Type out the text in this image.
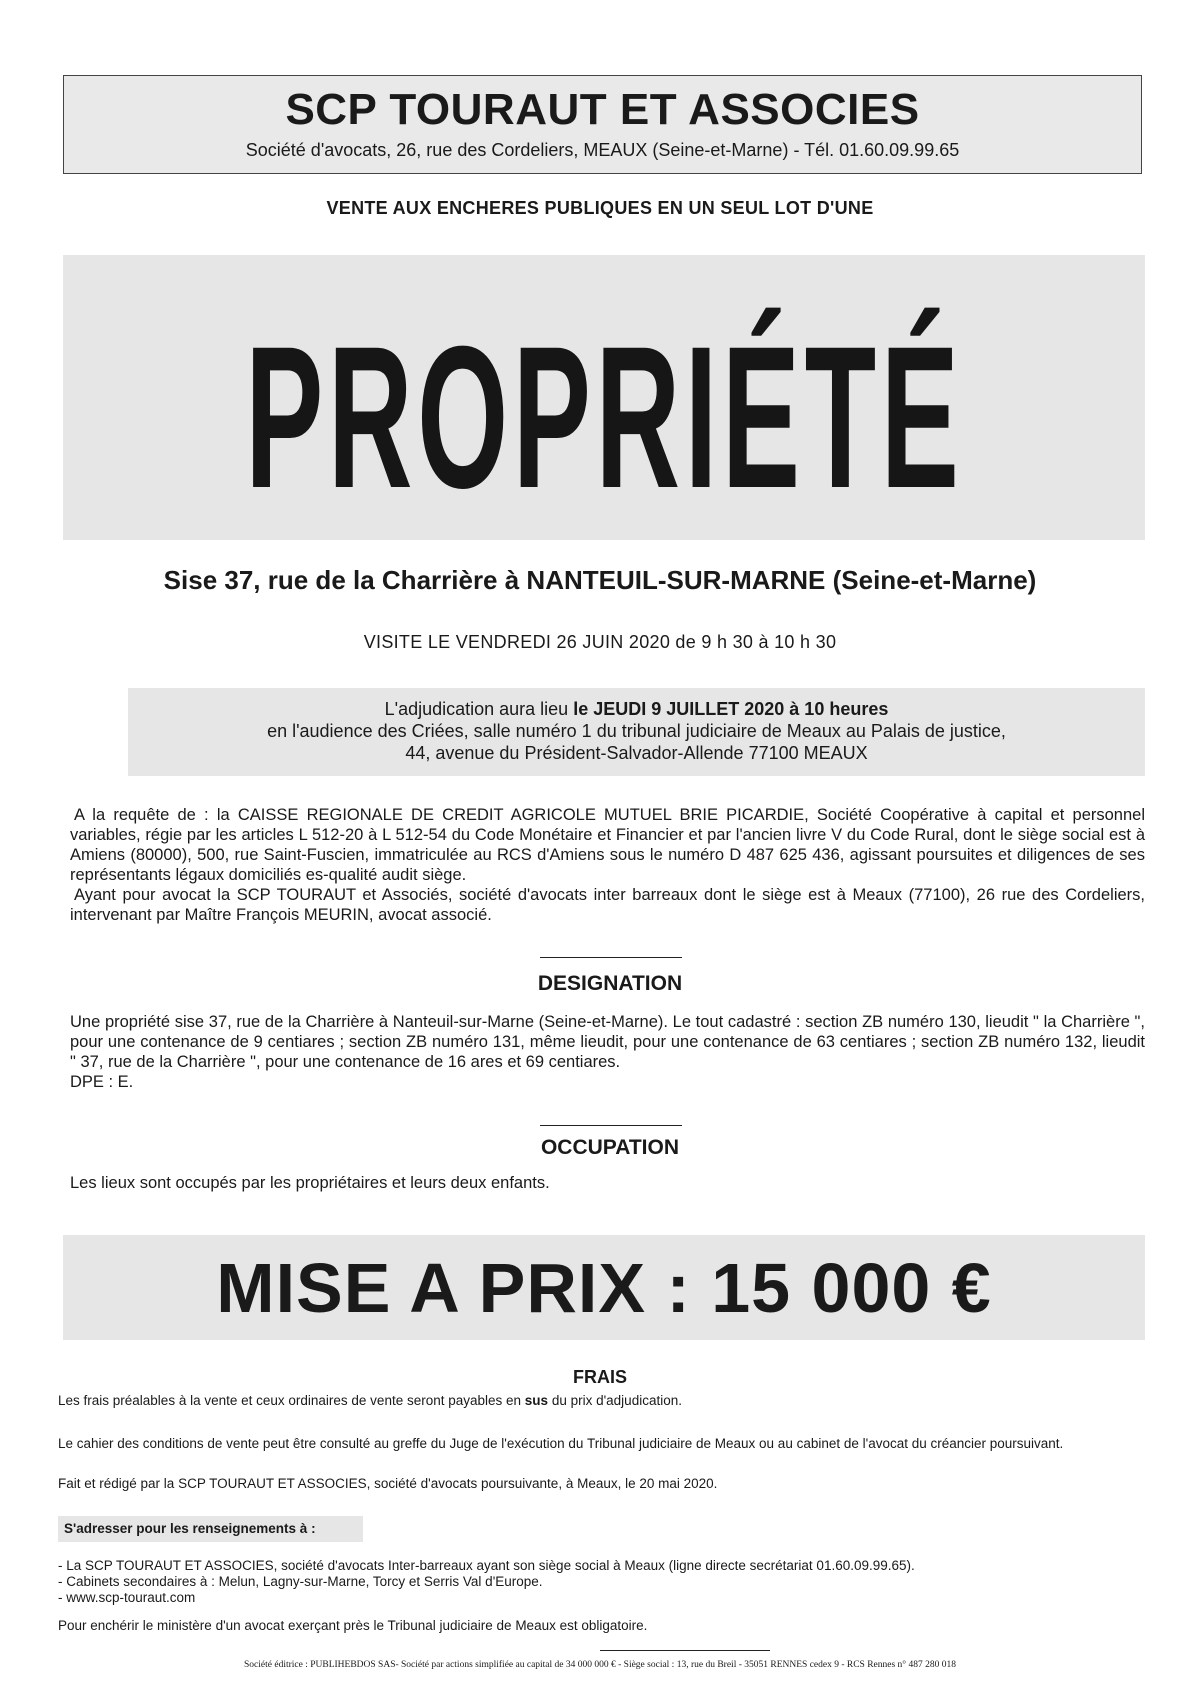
SCP TOURAUT ET ASSOCIES
Société d'avocats, 26, rue des Cordeliers, MEAUX (Seine-et-Marne) - Tél. 01.60.09.99.65
VENTE AUX ENCHERES PUBLIQUES EN UN SEUL LOT D'UNE
PROPRIÉTÉ
Sise 37, rue de la Charrière à NANTEUIL-SUR-MARNE (Seine-et-Marne)
VISITE LE VENDREDI 26 JUIN 2020 de 9 h 30 à 10 h 30
L'adjudication aura lieu le JEUDI 9 JUILLET 2020 à 10 heures
en l'audience des Criées, salle numéro 1 du tribunal judiciaire de Meaux au Palais de justice,
44, avenue du Président-Salvador-Allende 77100 MEAUX
A la requête de : la CAISSE REGIONALE DE CREDIT AGRICOLE MUTUEL BRIE PICARDIE, Société Coopérative à capital et personnel variables, régie par les articles L 512-20 à L 512-54 du Code Monétaire et Financier et par l'ancien livre V du Code Rural, dont le siège social est à Amiens (80000), 500, rue Saint-Fuscien, immatriculée au RCS d'Amiens sous le numéro D 487 625 436, agissant poursuites et diligences de ses représentants légaux domiciliés es-qualité audit siège.
Ayant pour avocat la SCP TOURAUT et Associés, société d'avocats inter barreaux dont le siège est à Meaux (77100), 26 rue des Cordeliers, intervenant par Maître François MEURIN, avocat associé.
DESIGNATION
Une propriété sise 37, rue de la Charrière à Nanteuil-sur-Marne (Seine-et-Marne). Le tout cadastré : section ZB numéro 130, lieudit " la Charrière ", pour une contenance de 9 centiares ; section ZB numéro 131, même lieudit, pour une contenance de 63 centiares ; section ZB numéro 132, lieudit " 37, rue de la Charrière ", pour une contenance de 16 ares et 69 centiares.
DPE : E.
OCCUPATION
Les lieux sont occupés par les propriétaires et leurs deux enfants.
MISE A PRIX : 15 000 €
FRAIS
Les frais préalables à la vente et ceux ordinaires de vente seront payables en sus du prix d'adjudication.
Le cahier des conditions de vente peut être consulté au greffe du Juge de l'exécution du Tribunal judiciaire de Meaux ou au cabinet de l'avocat du créancier poursuivant.
Fait et rédigé par la SCP TOURAUT ET ASSOCIES, société d'avocats poursuivante, à Meaux, le 20 mai 2020.
S'adresser pour les renseignements à :
- La SCP TOURAUT ET ASSOCIES, société d'avocats Inter-barreaux ayant son siège social à Meaux (ligne directe secrétariat 01.60.09.99.65).
- Cabinets secondaires à : Melun, Lagny-sur-Marne, Torcy et Serris Val d'Europe.
- www.scp-touraut.com
Pour enchérir le ministère d'un avocat exerçant près le Tribunal judiciaire de Meaux est obligatoire.
Société éditrice : PUBLIHEBDOS SAS- Société par actions simplifiée au capital de 34 000 000 € - Siège social : 13, rue du Breil - 35051 RENNES cedex 9 - RCS Rennes n° 487 280 018
